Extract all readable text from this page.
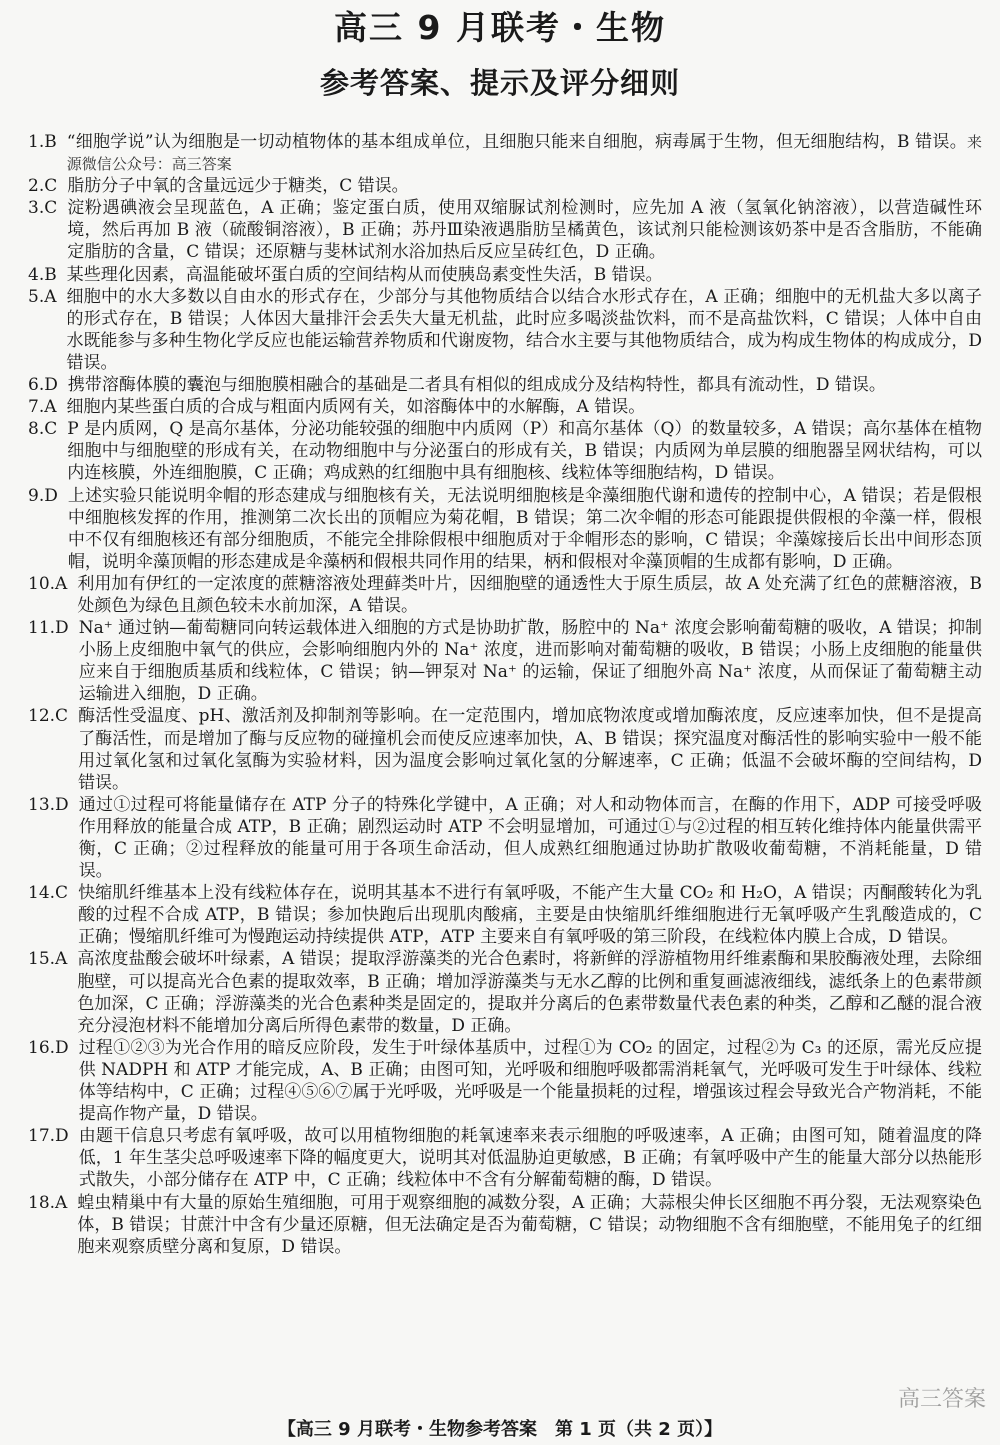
高三 9 月联考・生物
参考答案、提示及评分细则
1. B “细胞学说”认为细胞是一切动植物体的基本组成单位，且细胞只能来自细胞，病毒属于生物，但无细胞结构，B 错误。来源微信公众号：高三答案
2. C 脂肪分子中氧的含量远远少于糖类，C 错误。
3. C 淀粉遇碘液会呈现蓝色，A 正确；鉴定蛋白质，使用双缩脲试剂检测时，应先加 A 液（氢氧化钠溶液），以营造碱性环境，然后再加 B 液（硫酸铜溶液），B 正确；苏丹Ⅲ染液遇脂肪呈橘黄色，该试剂只能检测该奶茶中是否含脂肪，不能确定脂肪的含量，C 错误；还原糖与斐林试剂水浴加热后反应呈砖红色，D 正确。
4. B 某些理化因素，高温能破坏蛋白质的空间结构从而使胰岛素变性失活，B 错误。
5. A 细胞中的水大多数以自由水的形式存在，少部分与其他物质结合以结合水形式存在，A 正确；细胞中的无机盐大多以离子的形式存在，B 错误；人体因大量排汗会丢失大量无机盐，此时应多喝淡盐饮料，而不是高盐饮料，C 错误；人体中自由水既能参与多种生物化学反应也能运输营养物质和代谢废物，结合水主要与其他物质结合，成为构成生物体的构成成分，D 错误。
6. D 携带溶酶体膜的囊泡与细胞膜相融合的基础是二者具有相似的组成成分及结构特性，都具有流动性，D 错误。
7. A 细胞内某些蛋白质的合成与粗面内质网有关，如溶酶体中的水解酶，A 错误。
8. C P 是内质网，Q 是高尔基体，分泌功能较强的细胞中内质网（P）和高尔基体（Q）的数量较多，A 错误；高尔基体在植物细胞中与细胞壁的形成有关，在动物细胞中与分泌蛋白的形成有关，B 错误；内质网为单层膜的细胞器呈网状结构，可以内连核膜，外连细胞膜，C 正确；鸡成熟的红细胞中具有细胞核、线粒体等细胞结构，D 错误。
9. D 上述实验只能说明伞帽的形态建成与细胞核有关，无法说明细胞核是伞藻细胞代谢和遗传的控制中心，A 错误；若是假根中细胞核发挥的作用，推测第二次长出的顶帽应为菊花帽，B 错误；第二次伞帽的形态可能跟提供假根的伞藻一样，假根中不仅有细胞核还有部分细胞质，不能完全排除假根中细胞质对于伞帽形态的影响，C 错误；伞藻嫁接后长出中间形态顶帽，说明伞藻顶帽的形态建成是伞藻柄和假根共同作用的结果，柄和假根对伞藻顶帽的生成都有影响，D 正确。
10. A 利用加有伊红的一定浓度的蔗糖溶液处理藓类叶片，因细胞壁的通透性大于原生质层，故 A 处充满了红色的蔗糖溶液，B 处颜色为绿色且颜色较未水前加深，A 错误。
11. D Na⁺ 通过钠—葡萄糖同向转运载体进入细胞的方式是协助扩散，肠腔中的 Na⁺ 浓度会影响葡萄糖的吸收，A 错误；抑制小肠上皮细胞中氧气的供应，会影响细胞内外的 Na⁺ 浓度，进而影响对葡萄糖的吸收，B 错误；小肠上皮细胞的能量供应来自于细胞质基质和线粒体，C 错误；钠—钾泵对 Na⁺ 的运输，保证了细胞外高 Na⁺ 浓度，从而保证了葡萄糖主动运输进入细胞，D 正确。
12. C 酶活性受温度、pH、激活剂及抑制剂等影响。在一定范围内，增加底物浓度或增加酶浓度，反应速率加快，但不是提高了酶活性，而是增加了酶与反应物的碰撞机会而使反应速率加快，A、B 错误；探究温度对酶活性的影响实验中一般不能用过氧化氢和过氧化氢酶为实验材料，因为温度会影响过氧化氢的分解速率，C 正确；低温不会破坏酶的空间结构，D 错误。
13. D 通过①过程可将能量储存在 ATP 分子的特殊化学键中，A 正确；对人和动物体而言，在酶的作用下，ADP 可接受呼吸作用释放的能量合成 ATP，B 正确；剧烈运动时 ATP 不会明显增加，可通过①与②过程的相互转化维持体内能量供需平衡，C 正确；②过程释放的能量可用于各项生命活动，但人成熟红细胞通过协助扩散吸收葡萄糖，不消耗能量，D 错误。
14. C 快缩肌纤维基本上没有线粒体存在，说明其基本不进行有氧呼吸，不能产生大量 CO₂ 和 H₂O，A 错误；丙酮酸转化为乳酸的过程不合成 ATP，B 错误；参加快跑后出现肌肉酸痛，主要是由快缩肌纤维细胞进行无氧呼吸产生乳酸造成的，C 正确；慢缩肌纤维可为慢跑运动持续提供 ATP，ATP 主要来自有氧呼吸的第三阶段，在线粒体内膜上合成，D 错误。
15. A 高浓度盐酸会破坏叶绿素，A 错误；提取浮游藻类的光合色素时，将新鲜的浮游植物用纤维素酶和果胶酶液处理，去除细胞壁，可以提高光合色素的提取效率，B 正确；增加浮游藻类与无水乙醇的比例和重复画滤液细线，滤纸条上的色素带颜色加深，C 正确；浮游藻类的光合色素种类是固定的，提取并分离后的色素带数量代表色素的种类，乙醇和乙醚的混合液充分浸泡材料不能增加分离后所得色素带的数量，D 正确。
16. D 过程①②③为光合作用的暗反应阶段，发生于叶绿体基质中，过程①为 CO₂ 的固定，过程②为 C₃ 的还原，需光反应提供 NADPH 和 ATP 才能完成，A、B 正确；由图可知，光呼吸和细胞呼吸都需消耗氧气，光呼吸可发生于叶绿体、线粒体等结构中，C 正确；过程④⑤⑥⑦属于光呼吸，光呼吸是一个能量损耗的过程，增强该过程会导致光合产物消耗，不能提高作物产量，D 错误。
17. D 由题干信息只考虑有氧呼吸，故可以用植物细胞的耗氧速率来表示细胞的呼吸速率，A 正确；由图可知，随着温度的降低，1 年生茎尖总呼吸速率下降的幅度更大，说明其对低温胁迫更敏感，B 正确；有氧呼吸中产生的能量大部分以热能形式散失，小部分储存在 ATP 中，C 正确；线粒体中不含有分解葡萄糖的酶，D 错误。
18. A 蝗虫精巢中有大量的原始生殖细胞，可用于观察细胞的减数分裂，A 正确；大蒜根尖伸长区细胞不再分裂，无法观察染色体，B 错误；甘蔗汁中含有少量还原糖，但无法确定是否为葡萄糖，C 错误；动物细胞不含有细胞壁，不能用兔子的红细胞来观察质壁分离和复原，D 错误。
【高三 9 月联考・生物参考答案　第 1 页（共 2 页）】
高三答案
